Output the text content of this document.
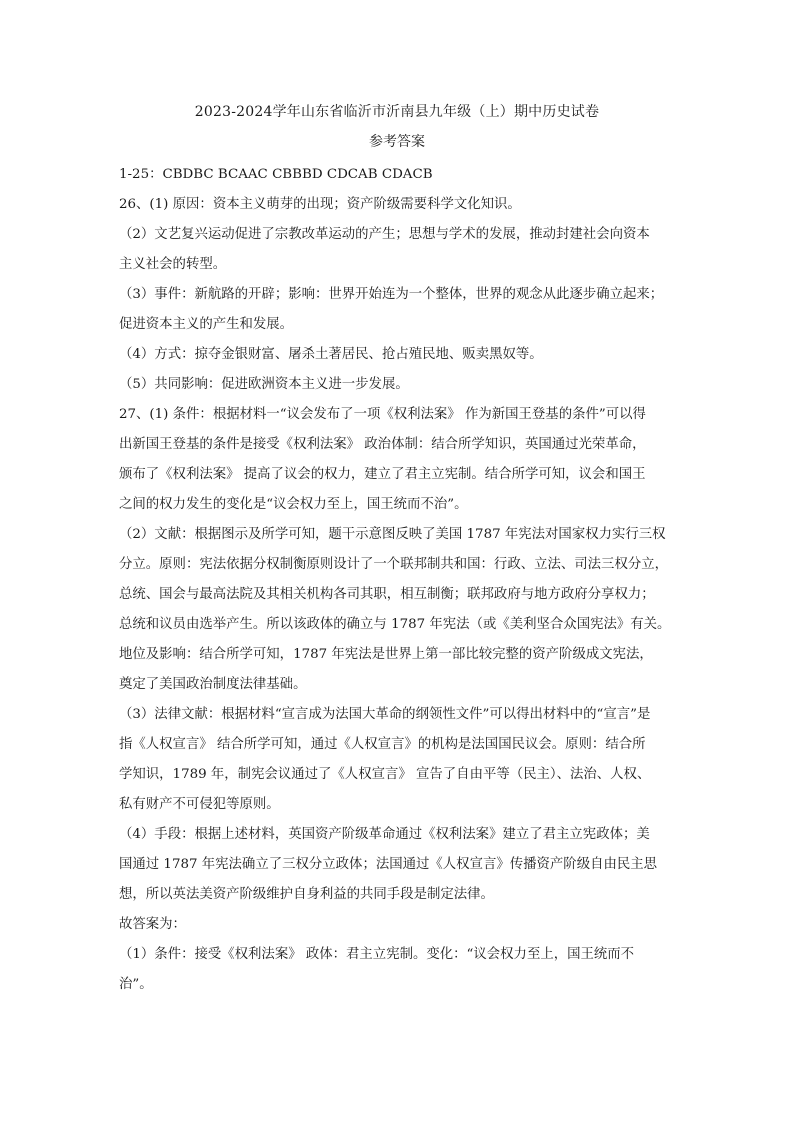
2023-2024学年山东省临沂市沂南县九年级（上）期中历史试卷

参考答案

1-25：CBDBC BCAAC CBBBD CDCAB CDACB

26、(1) 原因：资本主义萌芽的出现；资产阶级需要科学文化知识。

（2）文艺复兴运动促进了宗教改革运动的产生；思想与学术的发展，推动封建社会向资本

主义社会的转型。

（3）事件：新航路的开辟；影响：世界开始连为一个整体，世界的观念从此逐步确立起来；

促进资本主义的产生和发展。

（4）方式：掠夺金银财富、屠杀土著居民、抢占殖民地、贩卖黑奴等。

（5）共同影响：促进欧洲资本主义进一步发展。

27、(1) 条件：根据材料一“议会发布了一项《权利法案》 作为新国王登基的条件”可以得

出新国王登基的条件是接受《权利法案》 政治体制：结合所学知识，英国通过光荣革命，

颁布了《权利法案》 提高了议会的权力，建立了君主立宪制。结合所学可知，议会和国王

之间的权力发生的变化是“议会权力至上，国王统而不治”。

（2）文献：根据图示及所学可知，题干示意图反映了美国 1787 年宪法对国家权力实行三权

分立。原则：宪法依据分权制衡原则设计了一个联邦制共和国：行政、立法、司法三权分立，

总统、国会与最高法院及其相关机构各司其职，相互制衡；联邦政府与地方政府分享权力；

总统和议员由选举产生。所以该政体的确立与 1787 年宪法（或《美利坚合众国宪法》有关。

地位及影响：结合所学可知，1787 年宪法是世界上第一部比较完整的资产阶级成文宪法，

奠定了美国政治制度法律基础。

（3）法律文献：根据材料“宣言成为法国大革命的纲领性文件”可以得出材料中的“宣言”是

指《人权宣言》 结合所学可知，通过《人权宣言》的机构是法国国民议会。原则：结合所

学知识，1789 年，制宪会议通过了《人权宣言》 宣告了自由平等（民主）、法治、人权、

私有财产不可侵犯等原则。

（4）手段：根据上述材料，英国资产阶级革命通过《权利法案》建立了君主立宪政体；美

国通过 1787 年宪法确立了三权分立政体；法国通过《人权宣言》传播资产阶级自由民主思

想，所以英法美资产阶级维护自身利益的共同手段是制定法律。

故答案为：

（1）条件：接受《权利法案》 政体：君主立宪制。变化：“议会权力至上，国王统而不

治”。
